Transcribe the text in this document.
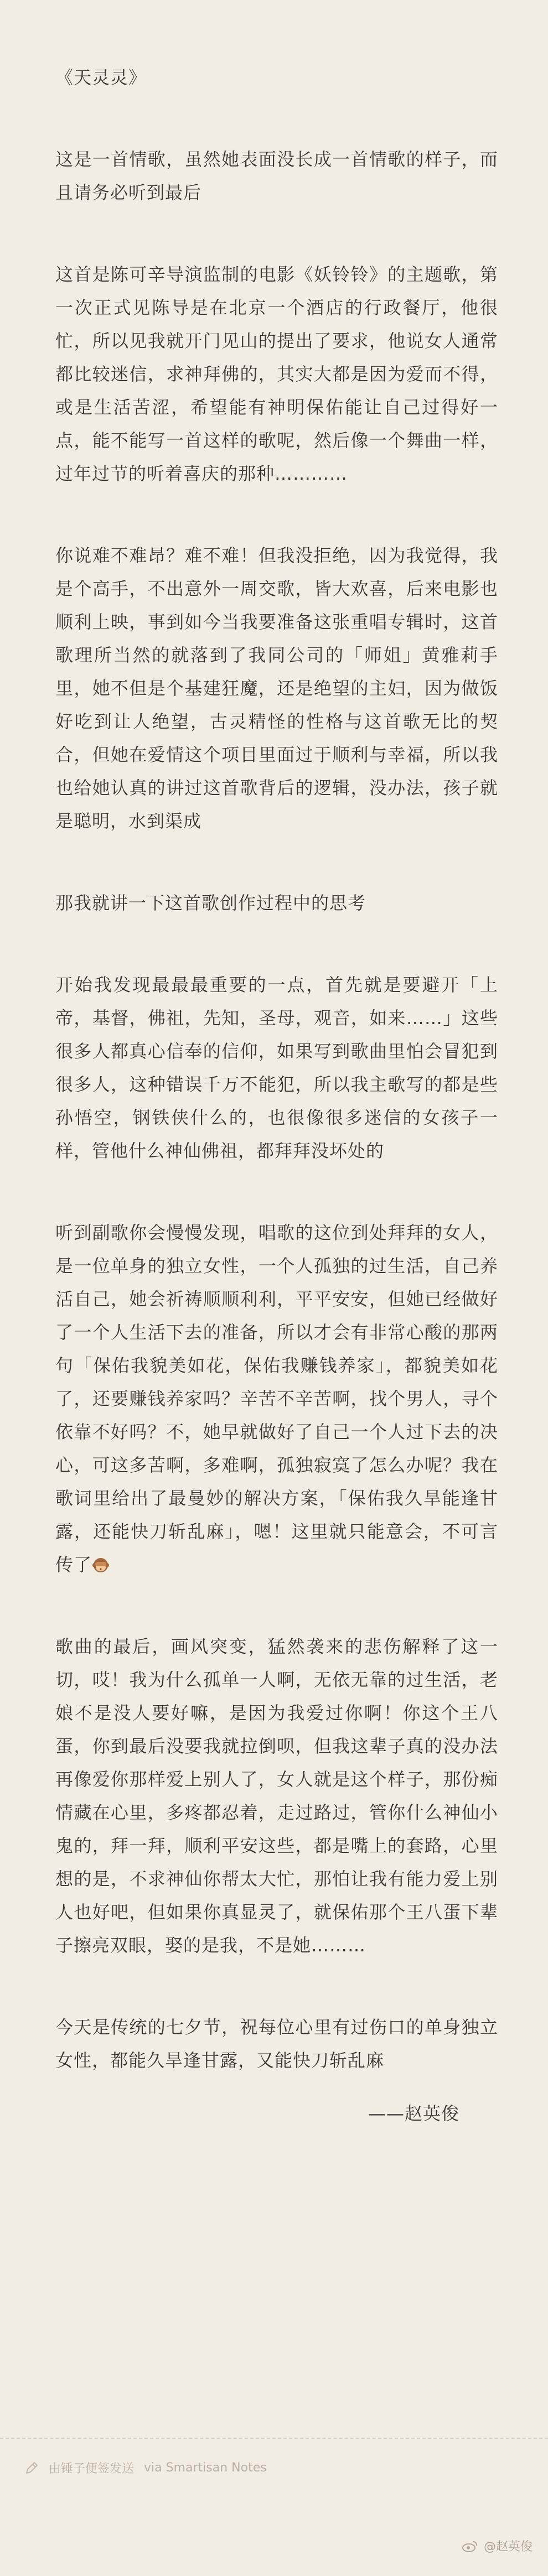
《天灵灵》

这是一首情歌，虽然她表面没长成一首情歌的样子，而且请务必听到最后

这首是陈可辛导演监制的电影《妖铃铃》的主题歌，第一次正式见陈导是在北京一个酒店的行政餐厅，他很忙，所以见我就开门见山的提出了要求，他说女人通常都比较迷信，求神拜佛的，其实大都是因为爱而不得，或是生活苦涩，希望能有神明保佑能让自己过得好一点，能不能写一首这样的歌呢，然后像一个舞曲一样，过年过节的听着喜庆的那种…………

你说难不难昂？难不难！但我没拒绝，因为我觉得，我是个高手，不出意外一周交歌，皆大欢喜，后来电影也顺利上映，事到如今当我要准备这张重唱专辑时，这首歌理所当然的就落到了我同公司的「师姐」黄雅莉手里，她不但是个基建狂魔，还是绝望的主妇，因为做饭好吃到让人绝望，古灵精怪的性格与这首歌无比的契合，但她在爱情这个项目里面过于顺利与幸福，所以我也给她认真的讲过这首歌背后的逻辑，没办法，孩子就是聪明，水到渠成

那我就讲一下这首歌创作过程中的思考

开始我发现最最最重要的一点，首先就是要避开「上帝，基督，佛祖，先知，圣母，观音，如来……」这些很多人都真心信奉的信仰，如果写到歌曲里怕会冒犯到很多人，这种错误千万不能犯，所以我主歌写的都是些孙悟空，钢铁侠什么的，也很像很多迷信的女孩子一样，管他什么神仙佛祖，都拜拜没坏处的

听到副歌你会慢慢发现，唱歌的这位到处拜拜的女人，是一位单身的独立女性，一个人孤独的过生活，自己养活自己，她会祈祷顺顺利利，平平安安，但她已经做好了一个人生活下去的准备，所以才会有非常心酸的那两句「保佑我貌美如花，保佑我赚钱养家」，都貌美如花了，还要赚钱养家吗？辛苦不辛苦啊，找个男人，寻个依靠不好吗？不，她早就做好了自己一个人过下去的决心，可这多苦啊，多难啊，孤独寂寞了怎么办呢？我在歌词里给出了最曼妙的解决方案，「保佑我久旱能逢甘露，还能快刀斩乱麻」，嗯！这里就只能意会，不可言传了

歌曲的最后，画风突变，猛然袭来的悲伤解释了这一切，哎！我为什么孤单一人啊，无依无靠的过生活，老娘不是没人要好嘛，是因为我爱过你啊！你这个王八蛋，你到最后没要我就拉倒呗，但我这辈子真的没办法再像爱你那样爱上别人了，女人就是这个样子，那份痴情藏在心里，多疼都忍着，走过路过，管你什么神仙小鬼的，拜一拜，顺利平安这些，都是嘴上的套路，心里想的是，不求神仙你帮太大忙，那怕让我有能力爱上别人也好吧，但如果你真显灵了，就保佑那个王八蛋下辈子擦亮双眼，娶的是我，不是她………

今天是传统的七夕节，祝每位心里有过伤口的单身独立女性，都能久旱逢甘露，又能快刀斩乱麻

——赵英俊
由锤子便签发送 via Smartisan Notes
@赵英俊
